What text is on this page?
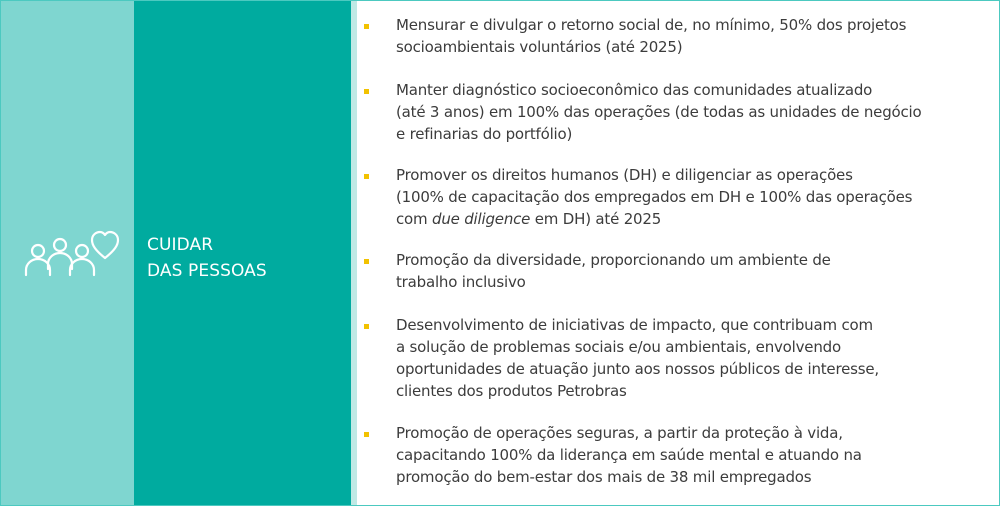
CUIDAR
DAS PESSOAS
Mensurar e divulgar o retorno social de, no mínimo, 50% dos projetos
socioambientais voluntários (até 2025)
Manter diagnóstico socioeconômico das comunidades atualizado
(até 3 anos) em 100% das operações (de todas as unidades de negócio
e refinarias do portfólio)
Promover os direitos humanos (DH) e diligenciar as operações
(100% de capacitação dos empregados em DH e 100% das operações
com due diligence em DH) até 2025
Promoção da diversidade, proporcionando um ambiente de
trabalho inclusivo
Desenvolvimento de iniciativas de impacto, que contribuam com
a solução de problemas sociais e/ou ambientais, envolvendo
oportunidades de atuação junto aos nossos públicos de interesse,
clientes dos produtos Petrobras
Promoção de operações seguras, a partir da proteção à vida,
capacitando 100% da liderança em saúde mental e atuando na
promoção do bem-estar dos mais de 38 mil empregados
